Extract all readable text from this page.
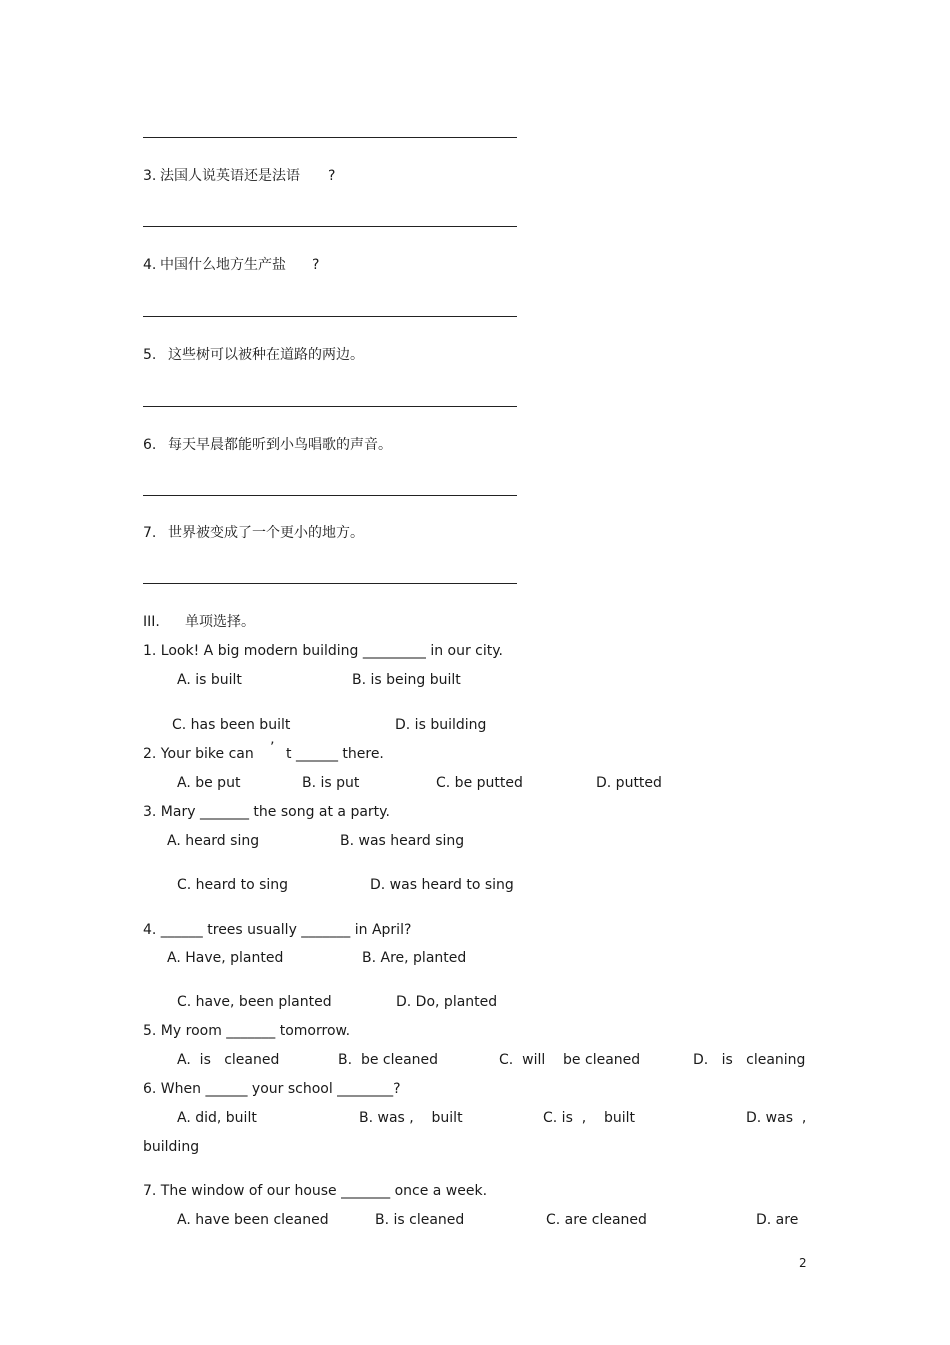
3. 法国人说英语还是法语 ?
4. 中国什么地方生产盐 ?
5. 这些树可以被种在道路的两边。
6. 每天早晨都能听到小鸟唱歌的声音。
7. 世界被变成了一个更小的地方。
III. 单项选择。
1. Look! A big modern building _________ in our city.
A. is built	B. is being built
C. has been built	D. is building
2. Your bike can ’ t ______ there.
A. be put	B. is put	C. be putted	D. putted
3. Mary _______ the song at a party.
A. heard sing	B. was heard sing
C. heard to sing	D. was heard to sing
4. ______ trees usually _______ in April?
A. Have, planted	B. Are, planted
C. have, been planted	D. Do, planted
5. My room _______ tomorrow.
A.  is   cleaned	B.  be cleaned	C.  will    be cleaned	D.   is   cleaning
6. When ______ your school ________?
A. did, built	B. was ,    built	C. is  ,    built	D. was  ,
building
7. The window of our house _______ once a week.
A. have been cleaned	B. is cleaned	C. are cleaned	D. are
2
